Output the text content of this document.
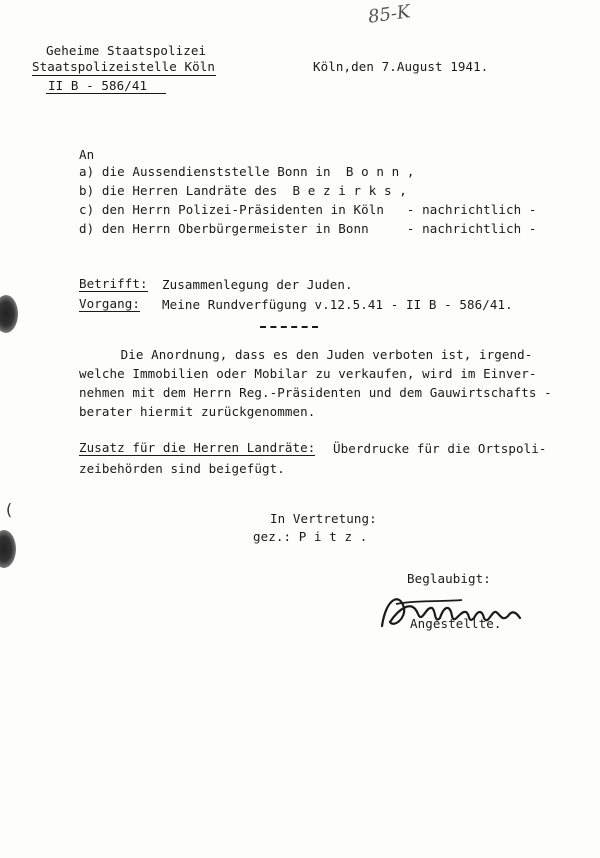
85-K
Geheime Staatspolizei
Staatspolizeistelle Köln
II B - 586/41
Köln,den 7.August 1941.
An
a) die Aussendienststelle Bonn in  B o n n ,
b) die Herren Landräte des  B e z i r k s ,
c) den Herrn Polizei-Präsidenten in Köln   - nachrichtlich -
d) den Herrn Oberbürgermeister in Bonn     - nachrichtlich -
Betrifft: Zusammenlegung der Juden.
Vorgang: Meine Rundverfügung v.12.5.41 - II B - 586/41.
Die Anordnung, dass es den Juden verboten ist, irgend-
welche Immobilien oder Mobilar zu verkaufen, wird im Einver-
nehmen mit dem Herrn Reg.-Präsidenten und dem Gauwirtschafts -
berater hiermit zurückgenommen.
Zusatz für die Herren Landräte: Überdrucke für die Ortspoli-
zeibehörden sind beigefügt.
In Vertretung:
gez.: P i t z .
Beglaubigt:
Angestellte.
(
